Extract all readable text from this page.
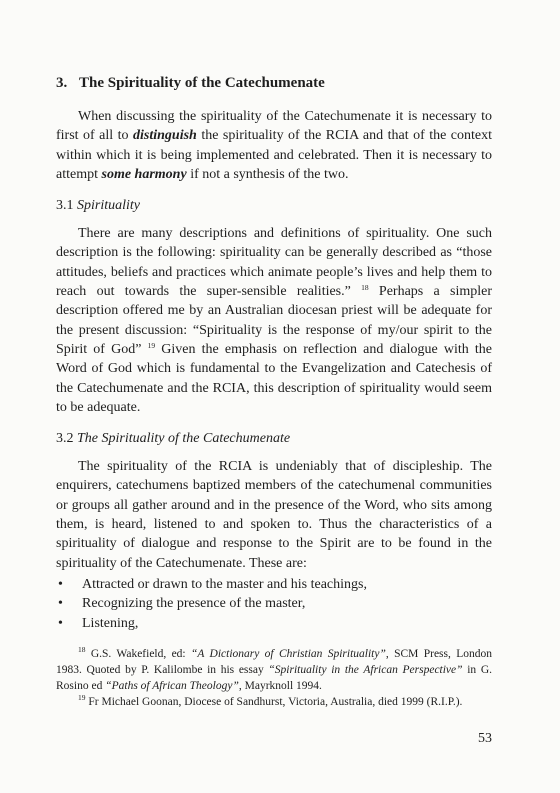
3. The Spirituality of the Catechumenate

When discussing the spirituality of the Catechumenate it is necessary to first of all to distinguish the spirituality of the RCIA and that of the context within which it is being implemented and celebrated. Then it is necessary to attempt some harmony if not a synthesis of the two.

3.1 Spirituality

There are many descriptions and definitions of spirituality. One such description is the following: spirituality can be generally described as “those attitudes, beliefs and practices which animate people’s lives and help them to reach out towards the super-sensible realities.” $^{18}$ Perhaps a simpler description offered me by an Australian diocesan priest will be adequate for the present discussion: “Spirituality is the response of my/our spirit to the Spirit of God” $^{19}$ Given the emphasis on reflection and dialogue with the Word of God which is fundamental to the Evangelization and Catechesis of the Catechumenate and the RCIA, this description of spirituality would seem to be adequate.

3.2 The Spirituality of the Catechumenate

The spirituality of the RCIA is undeniably that of discipleship. The enquirers, catechumens baptized members of the catechumenal communities or groups all gather around and in the presence of the Word, who sits among them, is heard, listened to and spoken to. Thus the characteristics of a spirituality of dialogue and response to the Spirit are to be found in the spirituality of the Catechumenate. These are:

• Attracted or drawn to the master and his teachings,
• Recognizing the presence of the master,
• Listening,

$^{18}$ G.S. Wakefield, ed: “A Dictionary of Christian Spirituality”, SCM Press, London 1983. Quoted by P. Kalilombe in his essay “Spirituality in the African Perspective” in G. Rosino ed “Paths of African Theology”, Mayrknoll 1994.

$^{19}$ Fr Michael Goonan, Diocese of Sandhurst, Victoria, Australia, died 1999 (R.I.P.).

53
